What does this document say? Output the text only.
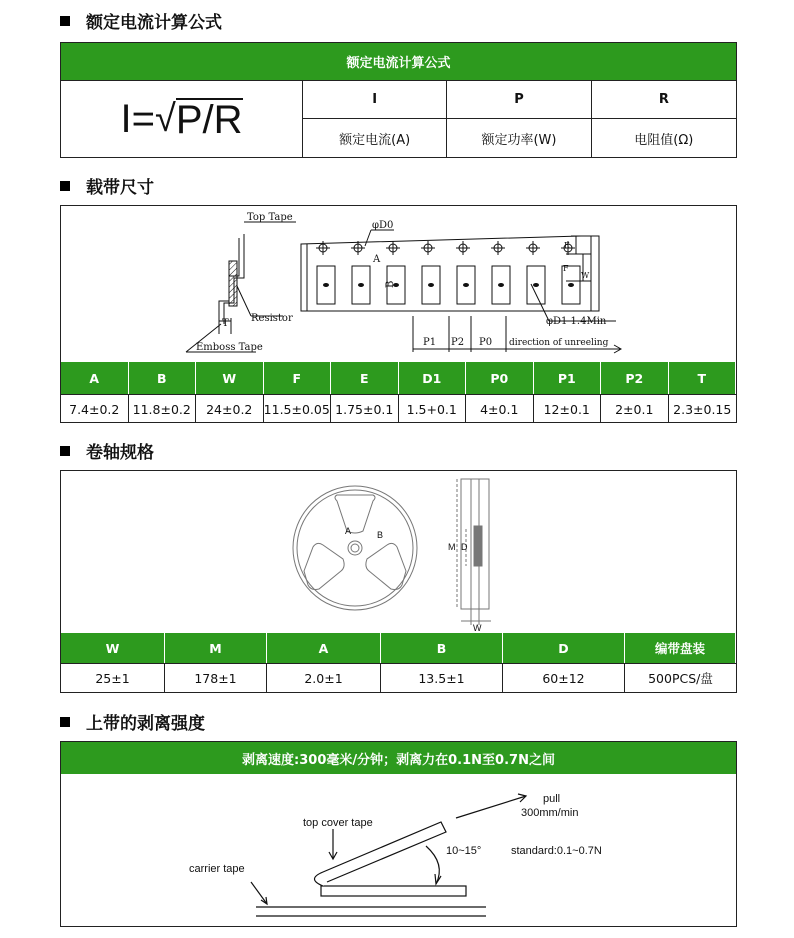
额定电流计算公式
额定电流计算公式
I= √ P/R	I	P	R
额定电流(A)	额定功率(W)	电阻值(Ω)
载带尺寸
Top Tape
Resistor
Emboss Tape
T
φD0
A
B
E
F
W
φD1 1.4Min
P1 P2 P0 direction of unreeling
A	B	W	F	E	D1	P0	P1	P2	T
7.4±0.2	11.8±0.2	24±0.2 11.5±0.05 1.75±0.1	1.5+0.1	4±0.1	12±0.1	2±0.1	2.3±0.15
卷轴规格
A	B
M D
W
W	M	A	B	D	编带盘装
25±1	178±1	2.0±1	13.5±1	60±12	500PCS/盘
上带的剥离强度
剥离速度:300毫米/分钟；剥离力在0.1N至0.7N之间
pull
300mm/min
top cover tape
10~15°	standard:0.1~0.7N
carrier tape
